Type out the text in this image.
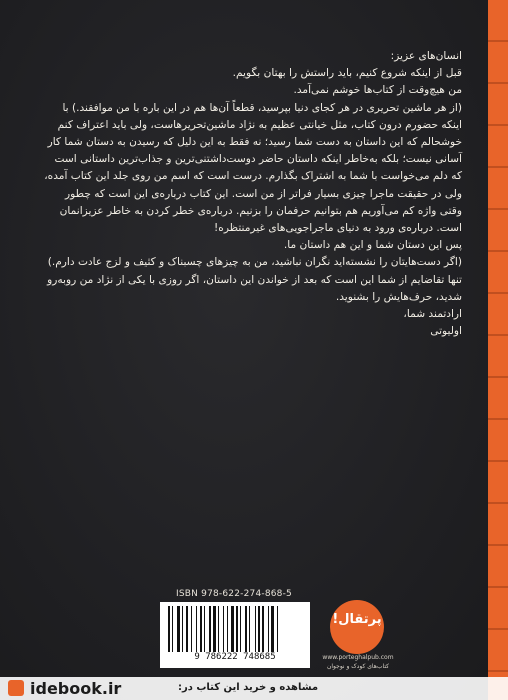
انسان‌های عزیز:

قبل از اینکه شروع کنیم، باید راستش را بهتان بگویم.

من هیچ‌وقت از کتاب‌ها خوشم نمی‌آمد.

(از هر ماشین تحریری در هر کجای دنیا بپرسید، قطعاً آن‌ها هم در این باره با من موافقند.) با اینکه حضورم درون کتاب، مثل خیانتی عظیم به نژاد ماشین‌تحریرهاست، ولی باید اعتراف کنم خوشحالم که این داستان به دست شما رسید؛ نه فقط به این دلیل که رسیدن به دستان شما کار آسانی نیست؛ بلکه به‌خاطر اینکه داستان حاضر دوست‌داشتنی‌ترین و جذاب‌ترین داستانی است که دلم می‌خواست با شما به اشتراک بگذارم. درست است که اسم من روی جلد این کتاب آمده، ولی در حقیقت ماجرا چیزی بسیار فراتر از من است. این کتاب درباره‌ی این است که چطور وقتی واژه کم می‌آوریم هم بتوانیم حرفمان را بزنیم. درباره‌ی خطر کردن به خاطر عزیزانمان است. درباره‌ی ورود به دنیای ماجراجویی‌های غیرمنتظره!

پس این دستان شما و این هم داستان ما.

(اگر دست‌هایتان را نشسته‌اید نگران نباشید، من به چیزهای چسبناک و کثیف و لزج عادت دارم.)

تنها تقاضایم از شما این است که بعد از خواندن این داستان، اگر روزی با یکی از نژاد من روبه‌رو شدید، حرف‌هایش را بشنوید.

ارادتمند شما،

اولیوتی

ISBN 978-622-274-868-5
9 786222 748685
پرتقال!
www.porteghalpub.com
کتاب‌های کودک و نوجوان
idebook.ir	مشاهده و خرید این کتاب در:
